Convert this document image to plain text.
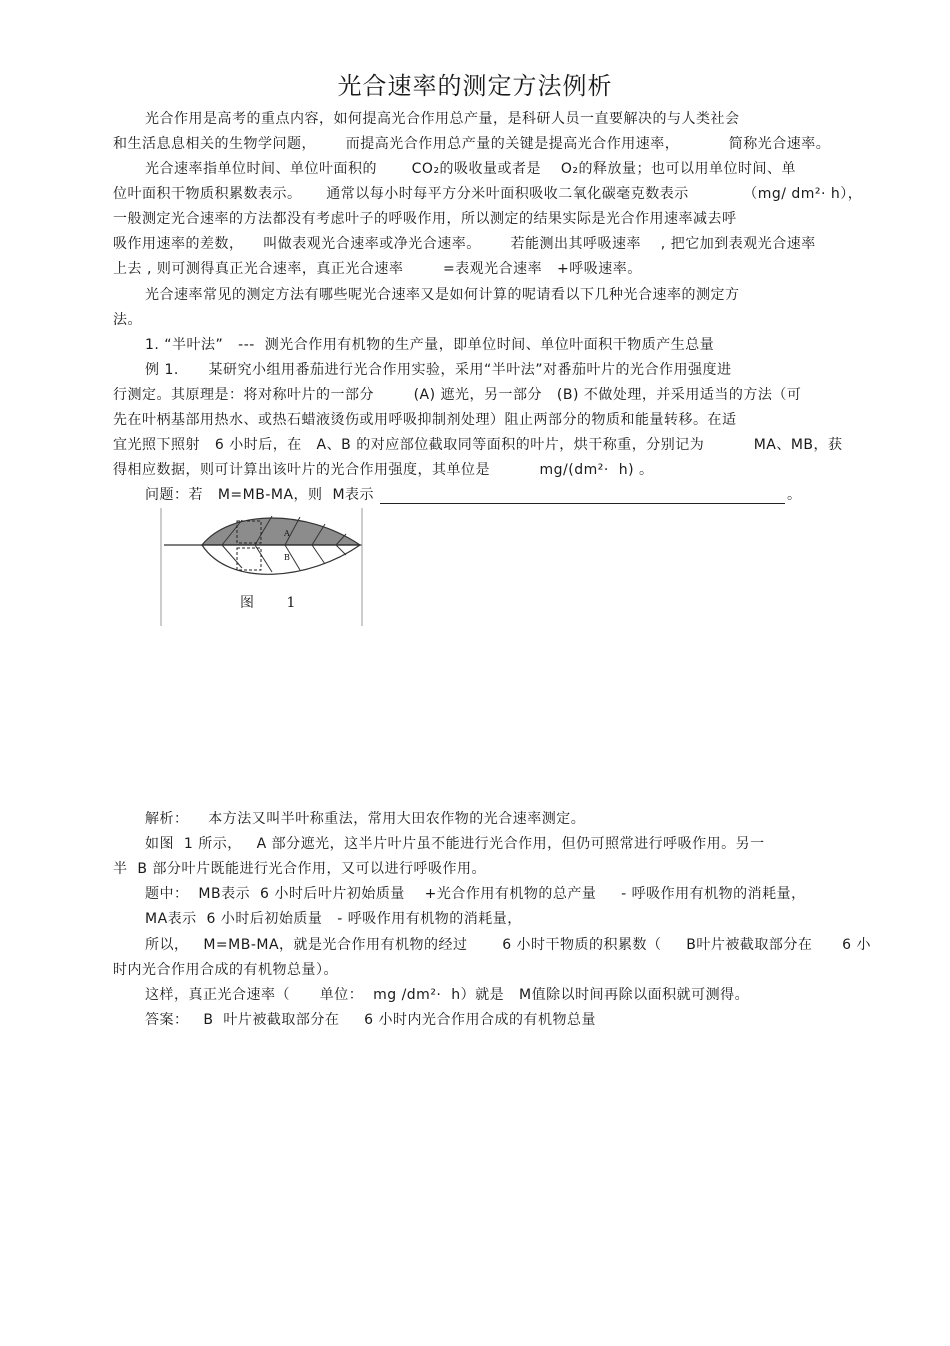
光合速率的测定方法例析
光合作用是高考的重点内容，如何提高光合作用总产量，是科研人员一直要解决的与人类社会
和生活息息相关的生物学问题，      而提高光合作用总产量的关键是提高光合作用速率，          简称光合速率。
光合速率指单位时间、单位叶面积的       CO₂的吸收量或者是    O₂的释放量；也可以用单位时间、单
位叶面积干物质积累数表示。     通常以每小时每平方分米叶面积吸收二氧化碳毫克数表示           （mg/ dm²· h），
一般测定光合速率的方法都没有考虑叶子的呼吸作用，所以测定的结果实际是光合作用速率减去呼
吸作用速率的差数，    叫做表观光合速率或净光合速率。      若能测出其呼吸速率    , 把它加到表观光合速率
上去 , 则可测得真正光合速率，真正光合速率        =表观光合速率   +呼吸速率。
光合速率常见的测定方法有哪些呢光合速率又是如何计算的呢请看以下几种光合速率的测定方
法。
1. “半叶法”   ---  测光合作用有机物的生产量，即单位时间、单位叶面积干物质产生总量
例 1.      某研究小组用番茄进行光合作用实验，采用“半叶法”对番茄叶片的光合作用强度进
行测定。其原理是：将对称叶片的一部分        (A) 遮光，另一部分   (B) 不做处理，并采用适当的方法（可
先在叶柄基部用热水、或热石蜡液烫伤或用呼吸抑制剂处理）阻止两部分的物质和能量转移。在适
宜光照下照射   6 小时后，在   A、B 的对应部位截取同等面积的叶片，烘干称重，分别记为          MA、MB，获
得相应数据，则可计算出该叶片的光合作用强度，其单位是          mg/(dm²·  h) 。
问题：若   M=MB-MA，则  M表示	。
A
B
图 1
解析：    本方法又叫半叶称重法，常用大田农作物的光合速率测定。
如图  1 所示，   A 部分遮光，这半片叶片虽不能进行光合作用，但仍可照常进行呼吸作用。另一
半  B 部分叶片既能进行光合作用，又可以进行呼吸作用。
题中：  MB表示  6 小时后叶片初始质量    +光合作用有机物的总产量     - 呼吸作用有机物的消耗量，
MA表示  6 小时后初始质量   - 呼吸作用有机物的消耗量，
所以，   M=MB-MA，就是光合作用有机物的经过       6 小时干物质的积累数（     B叶片被截取部分在      6 小
时内光合作用合成的有机物总量）。
这样，真正光合速率（      单位：  mg /dm²·  h）就是   M值除以时间再除以面积就可测得。
答案：   B  叶片被截取部分在     6 小时内光合作用合成的有机物总量
